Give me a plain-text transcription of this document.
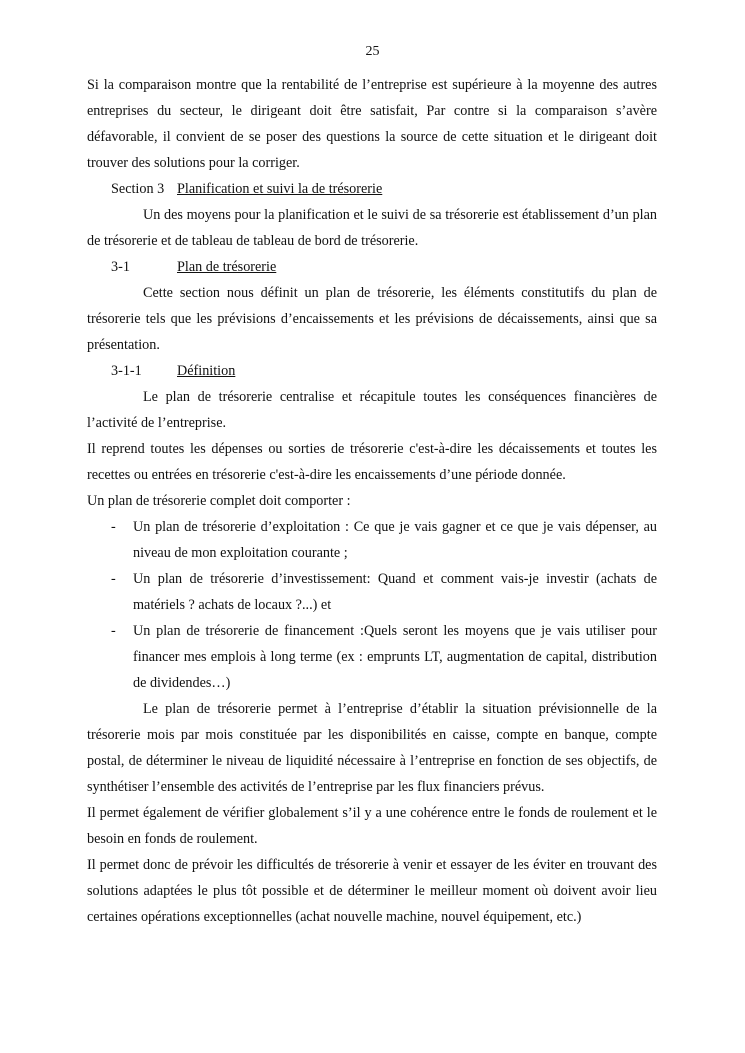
25

Si la comparaison montre que la rentabilité de l’entreprise est supérieure à la moyenne des autres entreprises du secteur, le dirigeant doit être satisfait, Par contre si la comparaison s’avère défavorable, il convient de se poser des questions la source de cette situation et le dirigeant doit trouver des solutions pour la corriger.

Section 3 Planification et suivi la de trésorerie

Un des moyens pour la planification et le suivi de sa trésorerie est établissement d’un plan de trésorerie et de tableau de tableau de bord de trésorerie.

3-1	Plan de trésorerie

Cette section nous définit un plan de trésorerie, les éléments constitutifs du plan de trésorerie tels que les prévisions d’encaissements et les prévisions de décaissements, ainsi que sa présentation.

3-1-1	Définition

Le plan de trésorerie centralise et récapitule toutes les conséquences financières de l’activité de l’entreprise.

Il reprend toutes les dépenses ou sorties de trésorerie c'est-à-dire les décaissements et toutes les recettes ou entrées en trésorerie c'est-à-dire les encaissements d’une période donnée.

Un plan de trésorerie complet doit comporter :

- Un plan de trésorerie d’exploitation : Ce que je vais gagner et ce que je vais dépenser, au niveau de mon exploitation courante ;
- Un plan de trésorerie d’investissement: Quand et comment vais-je investir (achats de matériels ? achats de locaux ?...) et
- Un plan de trésorerie de financement :Quels seront les moyens que je vais utiliser pour financer mes emplois à long terme (ex : emprunts LT, augmentation de capital, distribution de dividendes…)

Le plan de trésorerie permet à l’entreprise d’établir la situation prévisionnelle de la trésorerie mois par mois constituée par les disponibilités en caisse, compte en banque, compte postal, de déterminer le niveau de liquidité nécessaire à l’entreprise en fonction de ses objectifs, de synthétiser l’ensemble des activités de l’entreprise par les flux financiers prévus.

Il permet également de vérifier globalement s’il y a une cohérence entre le fonds de roulement et le besoin en fonds de roulement.

Il permet donc de prévoir les difficultés de trésorerie à venir et essayer de les éviter en trouvant des solutions adaptées le plus tôt possible et de déterminer le meilleur moment où doivent avoir lieu certaines opérations exceptionnelles (achat nouvelle machine, nouvel équipement, etc.)
